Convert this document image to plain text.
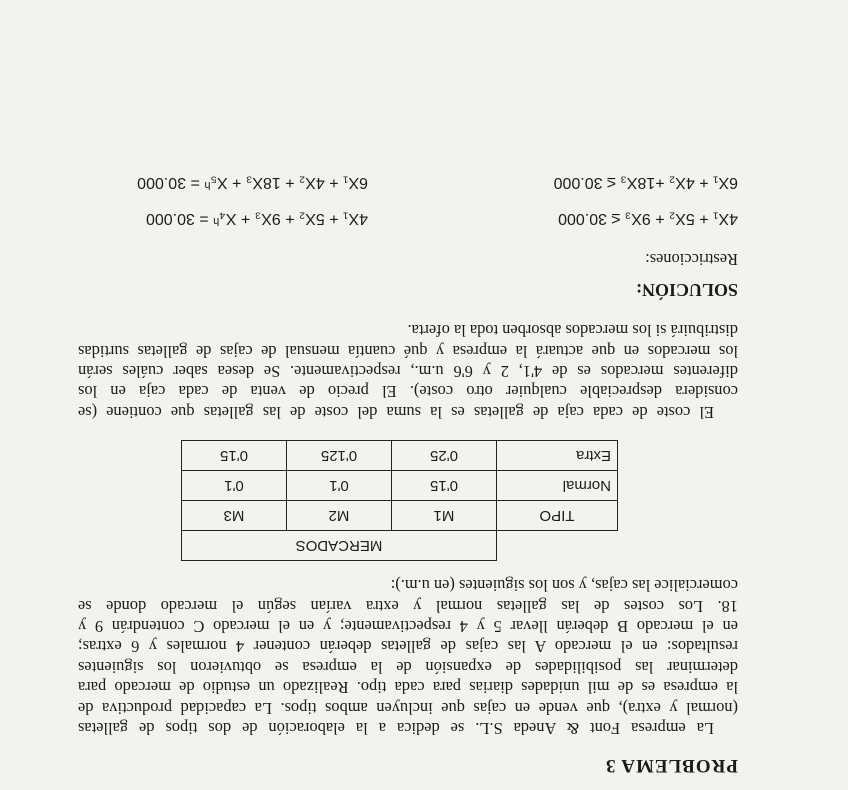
PROBLEMA 3
La empresa Font & Aneda S.L. se dedica a la elaboración de dos tipos de galletas
(normal y extra), que vende en cajas que incluyen ambos tipos. La capacidad productiva de
la empresa es de mil unidades diarias para cada tipo. Realizado un estudio de mercado para
determinar las posibilidades de expansión de la empresa se obtuvieron los siguientes
resultados: en el mercado A las cajas de galletas deberán contener 4 normales y 6 extras;
en el mercado B deberán llevar 5 y 4 respectivamente; y en el mercado C contendrán 9 y
18. Los costes de las galletas normal y extra varían según el mercado donde se
comercialice las cajas, y son los siguientes (en u.m.):
	MERCADOS		
TIPO	M1	M2	M3
Normal	0'15	0'1	0'1
Extra	0'25	0'125	0'15
El coste de cada caja de galletas es la suma del coste de las galletas que contiene (se
considera despreciable cualquier otro coste). El precio de venta de cada caja en los
diferentes mercados es de 4'1, 2 y 6'6 u.m., respectivamente. Se desea saber cuáles serán
los mercados en que actuará la empresa y qué cuantía mensual de cajas de galletas surtidas
distribuirá si los mercados absorben toda la oferta.
SOLUCIÓN:
Restricciones:
4X₁ + 5X₂ + 9X₃ ≤ 30.000
4X₁ + 5X₂ + 9X₃ + X₄ʰ = 30.000
6X₁ + 4X₂ +18X₃ ≤ 30.000
6X₁ + 4X₂ + 18X₃ + X₅ʰ = 30.000
